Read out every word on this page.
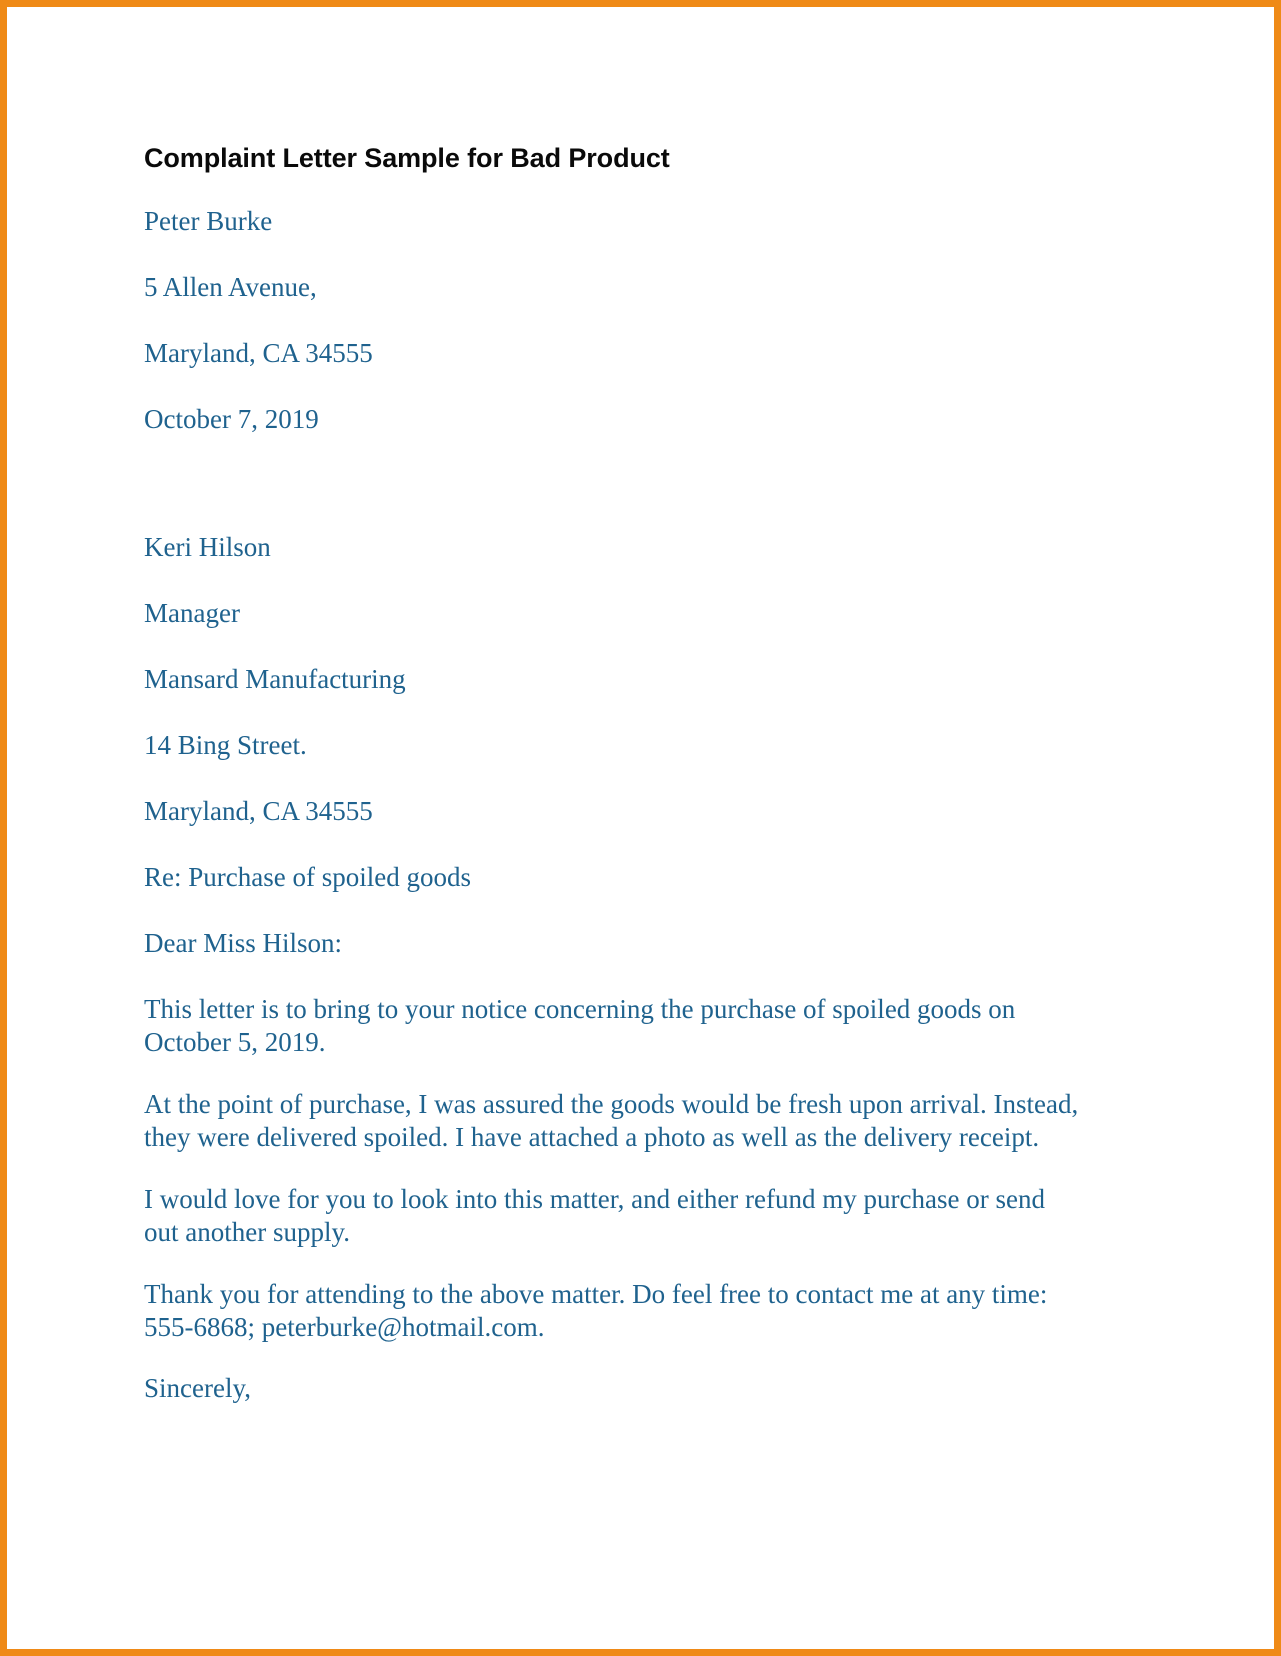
Complaint Letter Sample for Bad Product

Peter Burke

5 Allen Avenue,

Maryland, CA 34555

October 7, 2019

Keri Hilson

Manager

Mansard Manufacturing

14 Bing Street.

Maryland, CA 34555

Re: Purchase of spoiled goods

Dear Miss Hilson:

This letter is to bring to your notice concerning the purchase of spoiled goods on October 5, 2019.

At the point of purchase, I was assured the goods would be fresh upon arrival. Instead, they were delivered spoiled. I have attached a photo as well as the delivery receipt.

I would love for you to look into this matter, and either refund my purchase or send out another supply.

Thank you for attending to the above matter. Do feel free to contact me at any time: 555-6868; peterburke@hotmail.com.

Sincerely,
